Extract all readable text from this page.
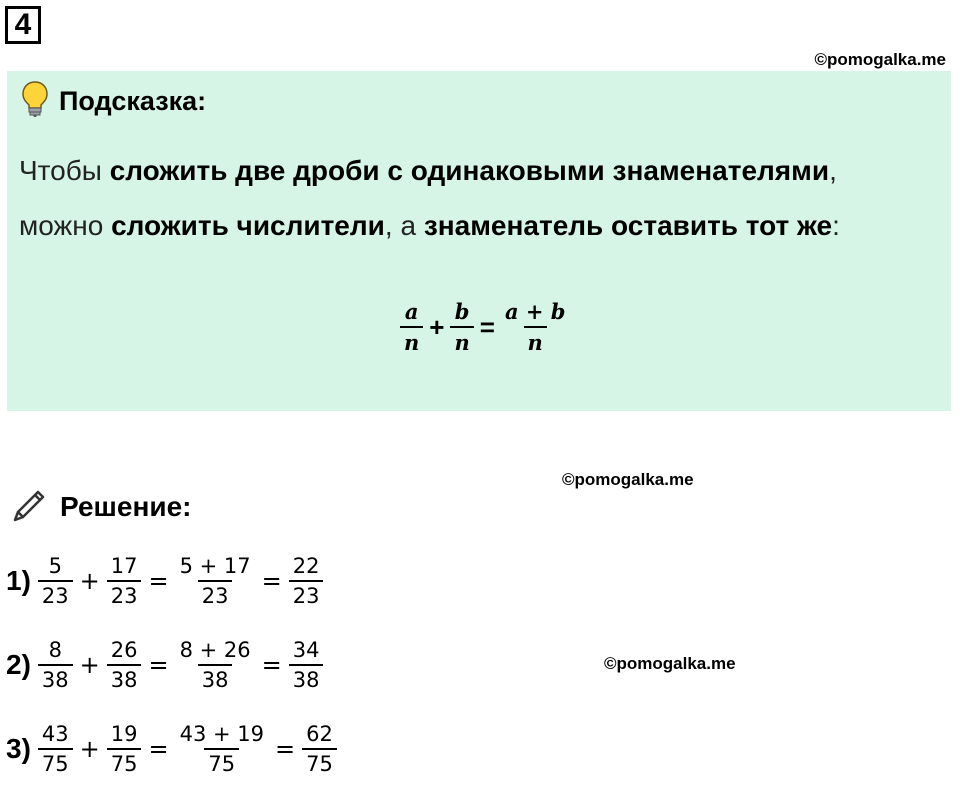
4
©pomogalka.me
Подсказка:
Чтобы сложить две дроби с одинаковыми знаменателями, можно сложить числители, а знаменатель оставить тот же:
$\frac{a}{n} + \frac{b}{n} = \frac{a + b}{n}$
©pomogalka.me
Решение:
$1) \frac{5}{23} + \frac{17}{23} = \frac{5 + 17}{23} = \frac{22}{23}$
$2) \frac{8}{38} + \frac{26}{38} = \frac{8 + 26}{38} = \frac{34}{38}$	©pomogalka.me
$3) \frac{43}{75} + \frac{19}{75} = \frac{43 + 19}{75} = \frac{62}{75}$
